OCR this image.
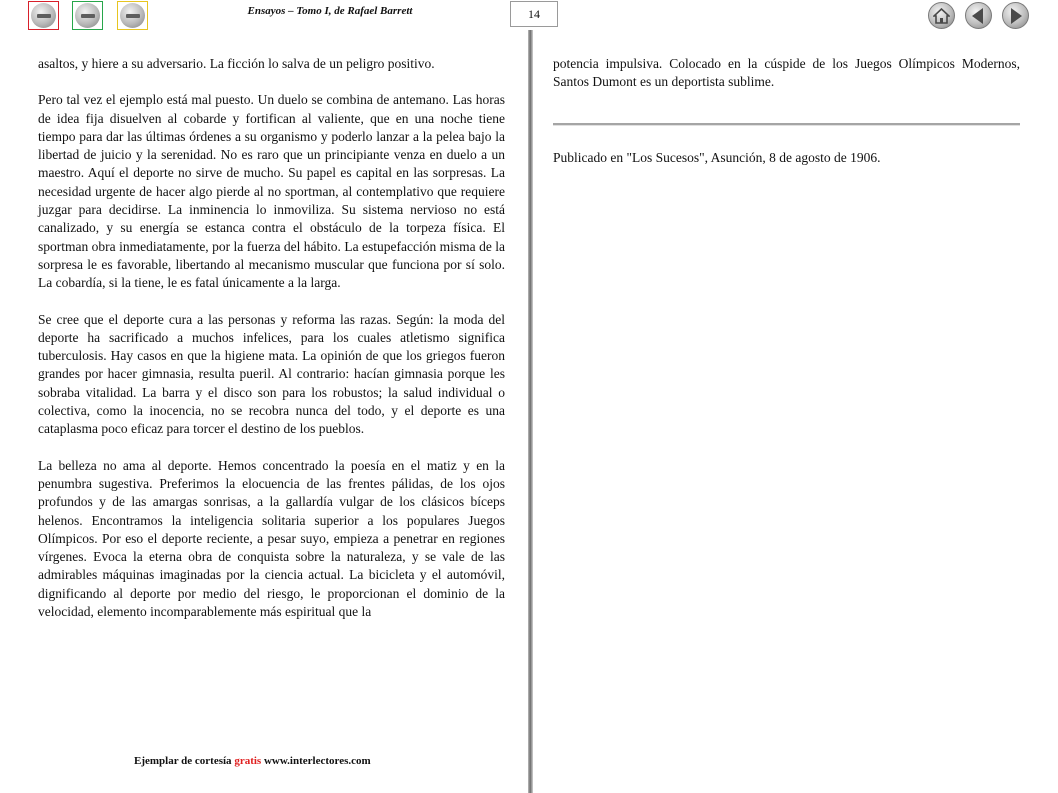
Ensayos – Tomo I, de Rafael Barrett	14

asaltos, y hiere a su adversario. La ficción lo salva de un peligro positivo.

Pero tal vez el ejemplo está mal puesto. Un duelo se combina de antemano. Las horas de idea fija disuelven al cobarde y fortifican al valiente, que en una noche tiene tiempo para dar las últimas órdenes a su organismo y poderlo lanzar a la pelea bajo la libertad de juicio y la serenidad. No es raro que un principiante venza en duelo a un maestro. Aquí el deporte no sirve de mucho. Su papel es capital en las sorpresas. La necesidad urgente de hacer algo pierde al no sportman, al contemplativo que requiere juzgar para decidirse. La inminencia lo inmoviliza. Su sistema nervioso no está canalizado, y su energía se estanca contra el obstáculo de la torpeza física. El sportman obra inmediatamente, por la fuerza del hábito. La estupefacción misma de la sorpresa le es favorable, libertando al mecanismo muscular que funciona por sí solo. La cobardía, si la tiene, le es fatal únicamente a la larga.

Se cree que el deporte cura a las personas y reforma las razas. Según: la moda del deporte ha sacrificado a muchos infelices, para los cuales atletismo significa tuberculosis. Hay casos en que la higiene mata. La opinión de que los griegos fueron grandes por hacer gimnasia, resulta pueril. Al contrario: hacían gimnasia porque les sobraba vitalidad. La barra y el disco son para los robustos; la salud individual o colectiva, como la inocencia, no se recobra nunca del todo, y el deporte es una cataplasma poco eficaz para torcer el destino de los pueblos.

La belleza no ama al deporte. Hemos concentrado la poesía en el matiz y en la penumbra sugestiva. Preferimos la elocuencia de las frentes pálidas, de los ojos profundos y de las amargas sonrisas, a la gallardía vulgar de los clásicos bíceps helenos. Encontramos la inteligencia solitaria superior a los populares Juegos Olímpicos. Por eso el deporte reciente, a pesar suyo, empieza a penetrar en regiones vírgenes. Evoca la eterna obra de conquista sobre la naturaleza, y se vale de las admirables máquinas imaginadas por la ciencia actual. La bicicleta y el automóvil, dignificando al deporte por medio del riesgo, le proporcionan el dominio de la velocidad, elemento incomparablemente más espiritual que la

potencia impulsiva. Colocado en la cúspide de los Juegos Olímpicos Modernos, Santos Dumont es un deportista sublime.

Publicado en "Los Sucesos", Asunción, 8 de agosto de 1906.
Ejemplar de cortesía gratis www.interlectores.com
